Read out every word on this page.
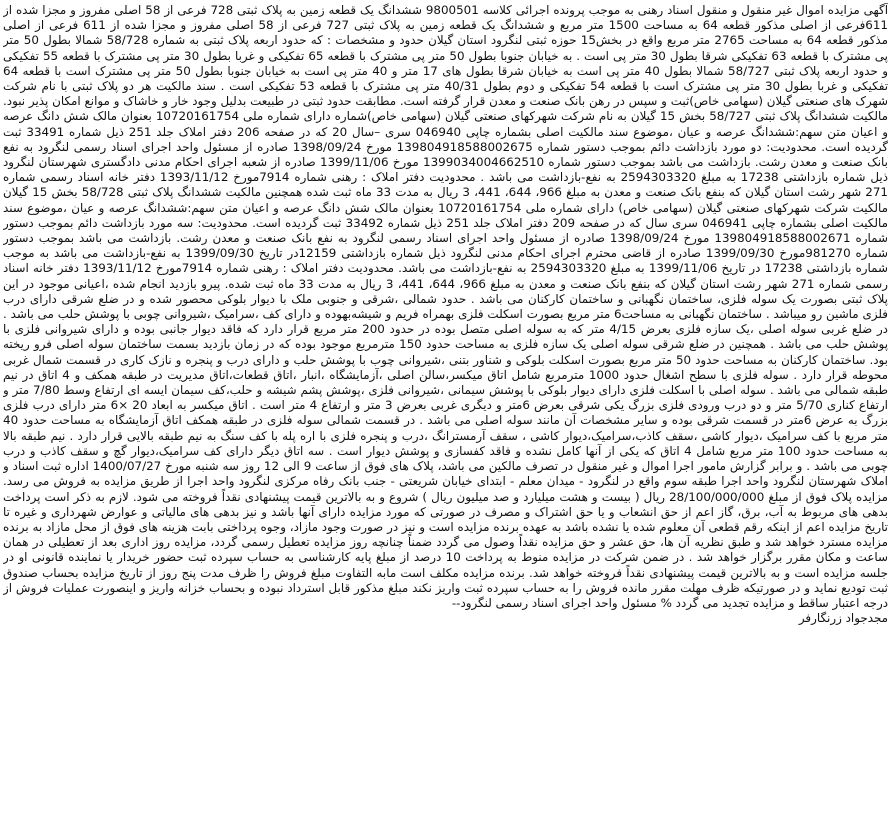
آگهی مزایده اموال غیر منقول و منقول اسناد رهنی به موجب پرونده اجرائی کلاسه 9800501 ششدانگ یک قطعه زمین به پلاک ثبتی 728 فرعی از 58 اصلی مفروز و مجزا شده از 611فرعی از اصلی مذکور قطعه 64 به مساحت 1500 متر مربع و ششدانگ یک قطعه زمین به پلاک ثبتی 727 فرعی از 58 اصلی مفروز و مجزا شده از 611 فرعی از اصلی مذکور قطعه 64 به مساحت 2765 متر مربع واقع در بخش15 حوزه ثبتی لنگرود استان گیلان حدود و مشخصات : که حدود اربعه پلاک ثبتی به شماره 58/728 شمالا بطول 50 متر پی مشترک با قطعه 63 تفکیکی شرقا بطول 30 متر پی است . به خیابان جنوبا بطول 50 متر پی مشترک با قطعه 65 تفکیکی و غربا بطول 30 متر پی مشترک با قطعه 55 تفکیکی و حدود اربعه پلاک ثبتی 58/727 شمالا بطول 40 متر پی است به خیابان شرقا بطول های 17 متر و 40 متر پی است به خیابان جنوبا بطول 50 متر پی مشترک است با قطعه 64 تفکیکی و غربا بطول 30 متر پی مشترک است با قطعه 54 تفکیکی و دوم بطول 40/31 متر پی مشترک با قطعه 53 تفکیکی است . سند مالکیت هر دو پلاک ثبتی با نام شرکت شهرک های صنعتی گیلان (سهامی خاص)ثبت و سپس در رهن بانک صنعت و معدن قرار گرفته است. مطابقت حدود ثبتی در طبیعت بدلیل وجود خار و خاشاک و موانع امکان پذیر نبود. مالکیت ششدانگ پلاک ثبتی 58/727 بخش 15 گیلان به نام شرکت شهرکهای صنعتی گیلان (سهامی خاص)شماره دارای شماره ملی 10720161754 بعنوان مالک شش دانگ عرصه و اعیان متن سهم:ششدانگ عرصه و عیان ،موضوع سند مالکیت اصلی بشماره چاپی 046940 سری –سال 20 که در صفحه 206 دفتر املاک جلد 251 ذیل شماره 33491 ثبت گردیده است. محدودیت: دو مورد بازداشت دائم بموجب دستور شماره 139804918588002675 مورخ 1398/09/24 صادره از مسئول واحد اجرای اسناد رسمی لنگرود به نفع بانک صنعت و معدن رشت. بازداشت می باشد بموجب دستور شماره 1399034004662510 مورخ 1399/11/06 صادره از شعبه اجرای احکام مدنی دادگستری شهرستان لنگرود ذیل شماره بازداشتی 17238 به مبلغ 2594303320 به نفع-بازداشت می باشد . محدودیت دفتر املاک : رهنی شماره 7914مورخ 1393/11/12 دفتر خانه اسناد رسمی شماره 271 شهر رشت استان گیلان که بنفع بانک صنعت و معدن به مبلغ 966، 644، 441، 3 ریال به مدت 33 ماه ثبت شده همچنین مالکیت ششدانگ پلاک ثبتی 58/728 بخش 15 گیلان مالکیت شرکت شهرکهای صنعتی گیلان (سهامی خاص) دارای شماره ملی 10720161754 بعنوان مالک شش دانگ عرصه و اعیان متن سهم:ششدانگ عرصه و عیان ،موضوع سند مالکیت اصلی بشماره چاپی 046941 سری سال که در صفحه 209 دفتر املاک جلد 251 ذیل شماره 33492 ثبت گردیده است. محدودیت: سه مورد بازداشت دائم بموجب دستور شماره 139804918588002671 مورخ 1398/09/24 صادره از مسئول واحد اجرای اسناد رسمی لنگرود به نفع بانک صنعت و معدن رشت. بازداشت می باشد بموجب دستور شماره 981270مورخ 1399/09/30 صادره از قاضی محترم اجرای احکام مدنی لنگرود ذیل شماره بازداشتی 12159در تاریخ 1399/09/30 به نفع-بازداشت می باشد به موجب شماره بازداشتی 17238 در تاریخ 1399/11/06 به مبلغ 2594303320 به نفع-بازداشت می باشد. محدودیت دفتر املاک : رهنی شماره 7914مورخ 1393/11/12 دفتر خانه اسناد رسمی شماره 271 شهر رشت استان گیلان که بنفع بانک صنعت و معدن به مبلغ 966، 644، 441، 3 ریال به مدت 33 ماه ثبت شده. پیرو بازدید انجام شده ،اعیانی موجود در این پلاک ثبتی بصورت یک سوله فلزی، ساختمان نگهبانی و ساختمان کارکنان می باشد . حدود شمالی ،شرقی و جنوبی ملک با دیوار بلوکی محصور شده و در ضلع شرقی دارای درب فلزی ماشین رو میباشد . ساختمان نگهبانی به مساحت6 متر مربع بصورت اسکلت فلزی بهمراه فریم و شیشه‌بهوده و دارای کف ،سرامیک ،شیروانی چوبی با پوشش حلب می باشد . در ضلع غربی سوله اصلی ،یک سازه فلزی بعرض 4/15 متر که به سوله اصلی متصل بوده در حدود 200 متر مربع قرار دارد که فاقد دیوار جانبی بوده و دارای شیروانی فلزی با پوشش حلب می باشد . همچنین در ضلع شرقی سوله اصلی یک سازه فلزی به مساحت حدود 150 مترمربع موجود بوده که در زمان بازدید بسمت ساختمان سوله اصلی فرو ریخته بود. ساختمان کارکنان به مساحت حدود 50 متر مربع بصورت اسکلت بلوکی و شناور بتنی ،شیروانی چوب با پوشش حلب و دارای درب و پنجره و نازک کاری در قسمت شمال غربی محوطه قرار دارد . سوله فلزی با سطح اشغال حدود 1000 مترمربع شامل اتاق میکسر،سالن اصلی ،آزمایشگاه ،انبار ،اتاق قطعات،اتاق مدیریت در طبقه همکف و 4 اتاق در نیم طبقه شمالی می باشد . سوله اصلی با اسکلت فلزی دارای دیوار بلوکی با پوشش سیمانی ،شیروانی فلزی ،پوشش پشم شیشه و حلب،کف سیمان ایسه ای ارتفاع وسط 7/80 متر و ارتفاع کناری 5/70 متر و دو درب ورودی فلزی بزرگ یکی شرقی بعرض 6متر و دیگری غربی بعرض 3 متر و ارتفاع 4 متر است . اتاق میکسر به ابعاد 20 ×6 متر دارای درب فلزی بزرگ به عرض 6متر در قسمت شرقی بوده و سایر مشخصات آن مانند سوله اصلی می باشد . در قسمت شمالی سوله فلزی در طبقه همکف اتاق آزمایشگاه به مساحت حدود 40 متر مربع با کف سرامیک ،دیوار کاشی ،سقف کاذب،سرامیک،دیوار کاشی ، سقف آرمسترانگ ،درب و پنجره فلزی با اره پله با کف سنگ به نیم طبقه بالایی قرار دارد . نیم طبقه بالا به مساحت حدود 100 متر مربع شامل 4 اتاق که یکی از آنها کامل نشده و فاقد کفسازی و پوشش دیوار است . سه اتاق دیگر دارای کف سرامیک،دیوار گچ و سقف کاذب و درب چوبی می باشد . و برابر گزارش مامور اجرا اموال و غیر منقول در تصرف مالکین می باشد، پلاک های فوق از ساعت 9 الی 12 روز سه شنبه مورخ 1400/07/27 اداره ثبت اسناد و املاک شهرستان لنگرود واحد اجرا طبقه سوم واقع در لنگرود - میدان معلم - ابتدای خیابان شریعتی - جنب بانک رفاه مرکزی لنگرود واحد اجرا از طریق مزایده به فروش می رسد. مزایده پلاک فوق از مبلغ 28/100/000/000 ریال ( بیست و هشت میلیارد و صد میلیون ریال ) شروع و به بالاترین قیمت پیشنهادی نقداً فروخته می شود. لازم به ذکر است پرداخت بدهی های مربوط به آب، برق، گاز اعم از حق انشعاب و یا حق اشتراک و مصرف در صورتی که مورد مزایده دارای آنها باشد و نیز بدهی های مالیاتی و عوارض شهرداری و غیره تا تاریخ مزایده اعم از اینکه رقم قطعی آن معلوم شده یا نشده باشد به عهده برنده مزایده است و نیز در صورت وجود مازاد، وجوه پرداختی بابت هزینه های فوق از محل مازاد به برنده مزایده مسترد خواهد شد و طبق نظریه آن ها، حق عشر و حق مزایده نقداً وصول می گردد ضمناً چنانچه روز مزایده تعطیل رسمی گردد، مزایده روز اداری بعد از تعطیلی در همان ساعت و مکان مقرر برگزار خواهد شد . در ضمن شرکت در مزایده منوط به پرداخت 10 درصد از مبلغ پایه کارشناسی به حساب سپرده ثبت حضور خریدار یا نماینده قانونی او در جلسه مزایده است و به بالاترین قیمت پیشنهادی نقداً فروخته خواهد شد. برنده مزایده مکلف است مابه التفاوت مبلغ فروش را ظرف مدت پنج روز از تاریخ مزایده بحساب صندوق ثبت تودیع نماید و در صورتیکه ظرف مهلت مقرر مانده فروش را به حساب سپرده ثبت واریز نکند مبلغ مذکور قابل استرداد نبوده و بحساب خزانه واریز و اینصورت عملیات فروش از درجه اعتبار ساقط و مزایده تجدید می گردد % مسئول واحد اجرای اسناد رسمی لنگرود--

مجدجواد زرنگارفر
